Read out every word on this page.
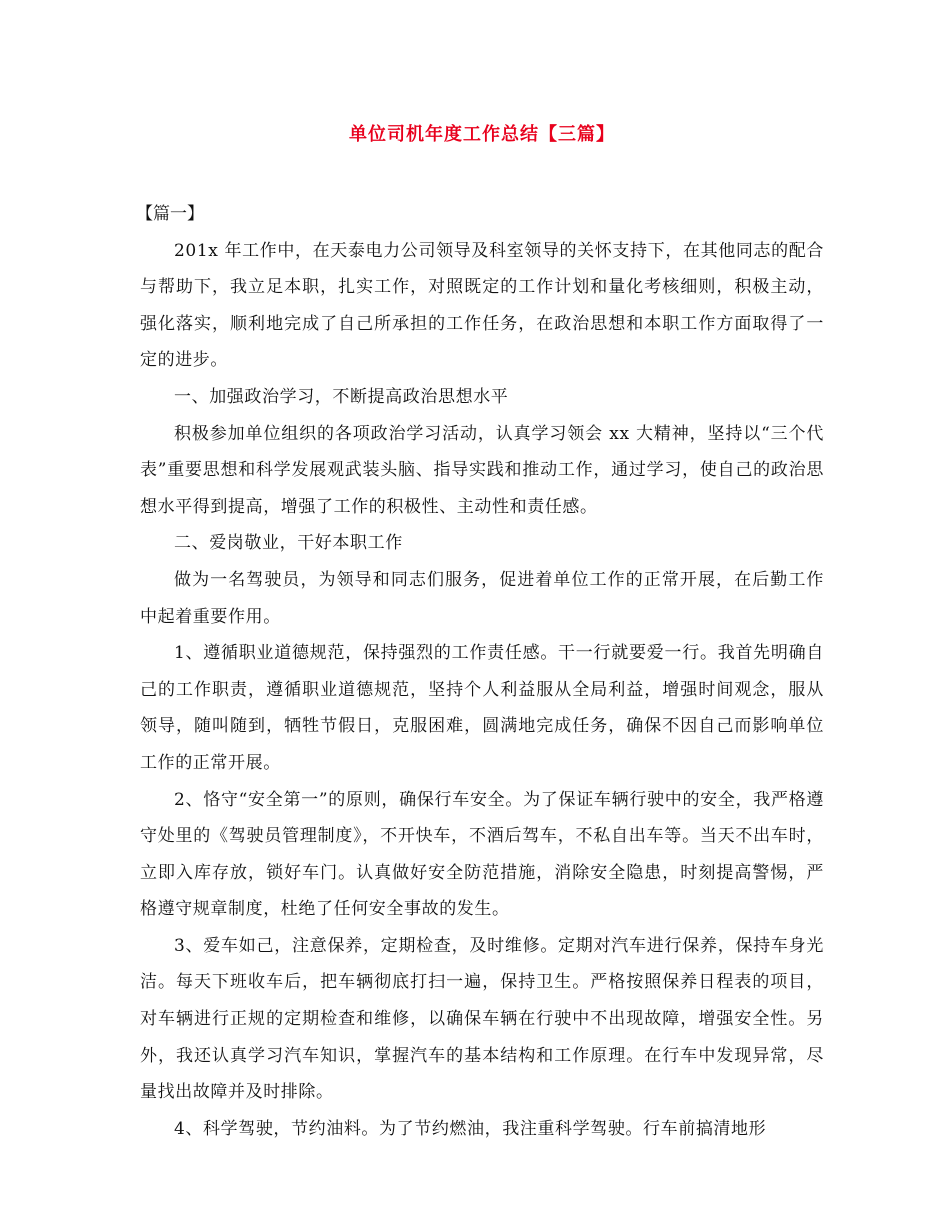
单位司机年度工作总结【三篇】
【篇一】

201x 年工作中，在天泰电力公司领导及科室领导的关怀支持下，在其他同志的配合与帮助下，我立足本职，扎实工作，对照既定的工作计划和量化考核细则，积极主动，强化落实，顺利地完成了自己所承担的工作任务，在政治思想和本职工作方面取得了一定的进步。

一、加强政治学习，不断提高政治思想水平

积极参加单位组织的各项政治学习活动，认真学习领会 xx 大精神，坚持以“三个代表”重要思想和科学发展观武装头脑、指导实践和推动工作，通过学习，使自己的政治思想水平得到提高，增强了工作的积极性、主动性和责任感。

二、爱岗敬业，干好本职工作

做为一名驾驶员，为领导和同志们服务，促进着单位工作的正常开展，在后勤工作中起着重要作用。

1、遵循职业道德规范，保持强烈的工作责任感。干一行就要爱一行。我首先明确自己的工作职责，遵循职业道德规范，坚持个人利益服从全局利益，增强时间观念，服从领导，随叫随到，牺牲节假日，克服困难，圆满地完成任务，确保不因自己而影响单位工作的正常开展。

2、恪守“安全第一”的原则，确保行车安全。为了保证车辆行驶中的安全，我严格遵守处里的《驾驶员管理制度》，不开快车，不酒后驾车，不私自出车等。当天不出车时，立即入库存放，锁好车门。认真做好安全防范措施，消除安全隐患，时刻提高警惕，严格遵守规章制度，杜绝了任何安全事故的发生。

3、爱车如己，注意保养，定期检查，及时维修。定期对汽车进行保养，保持车身光洁。每天下班收车后，把车辆彻底打扫一遍，保持卫生。严格按照保养日程表的项目，对车辆进行正规的定期检查和维修，以确保车辆在行驶中不出现故障，增强安全性。另外，我还认真学习汽车知识，掌握汽车的基本结构和工作原理。在行车中发现异常，尽量找出故障并及时排除。

4、科学驾驶，节约油料。为了节约燃油，我注重科学驾驶。行车前搞清地形
